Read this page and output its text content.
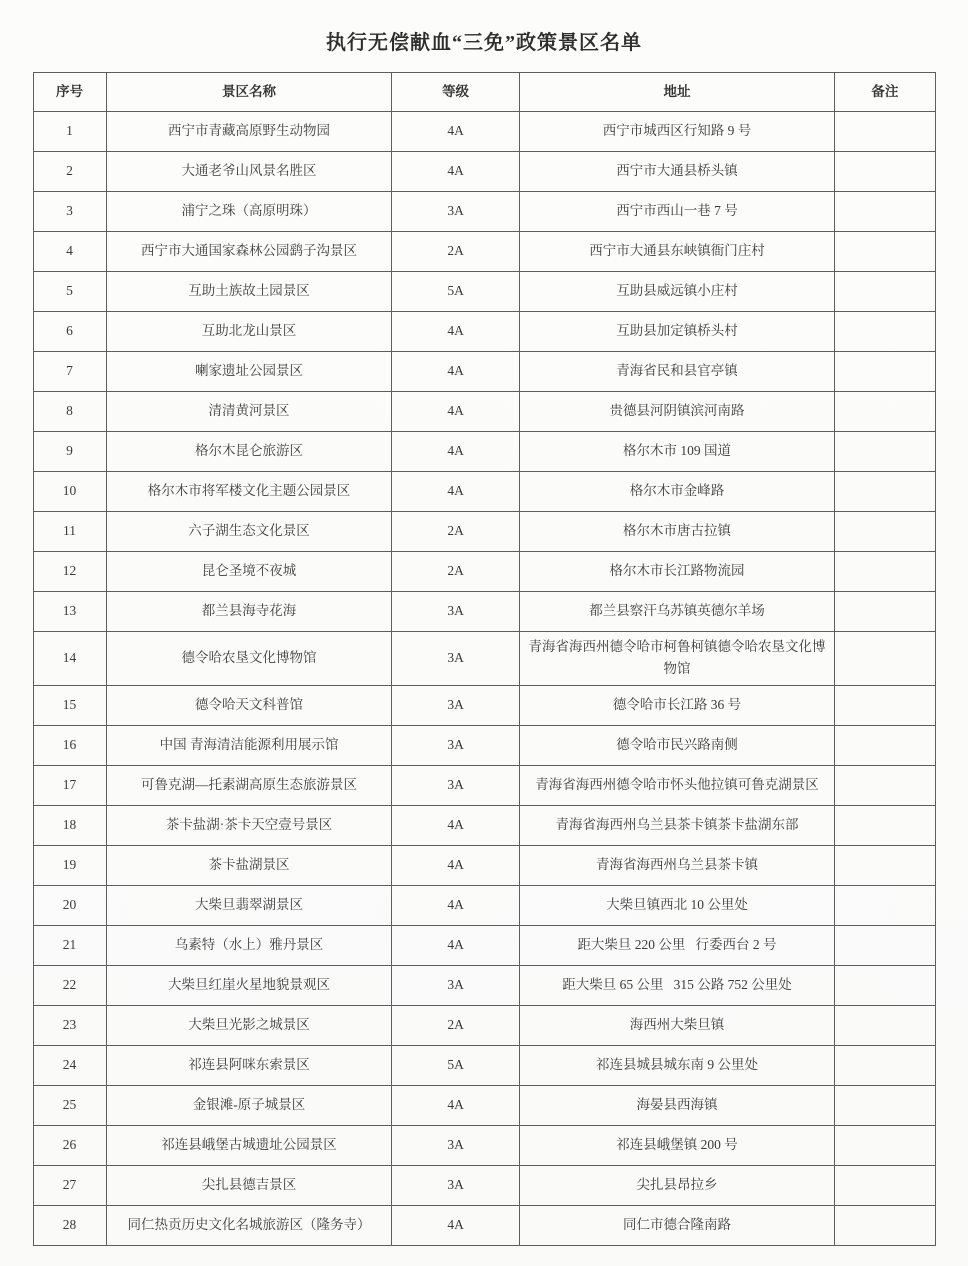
执行无偿献血“三免”政策景区名单
序号	景区名称	等级	地址	备注
1	西宁市青藏高原野生动物园	4A	西宁市城西区行知路 9 号	
2	大通老爷山风景名胜区	4A	西宁市大通县桥头镇	
3	浦宁之珠（高原明珠）	3A	西宁市西山一巷 7 号	
4	西宁市大通国家森林公园鹞子沟景区	2A	西宁市大通县东峡镇衙门庄村	
5	互助土族故土园景区	5A	互助县威远镇小庄村	
6	互助北龙山景区	4A	互助县加定镇桥头村	
7	喇家遗址公园景区	4A	青海省民和县官亭镇	
8	清清黄河景区	4A	贵德县河阴镇滨河南路	
9	格尔木昆仑旅游区	4A	格尔木市 109 国道	
10	格尔木市将军楼文化主题公园景区	4A	格尔木市金峰路	
11	六子湖生态文化景区	2A	格尔木市唐古拉镇	
12	昆仑圣境不夜城	2A	格尔木市长江路物流园	
13	都兰县海寺花海	3A	都兰县察汗乌苏镇英德尔羊场	
14	德令哈农垦文化博物馆	3A	青海省海西州德令哈市柯鲁柯镇德令哈农垦文化博物馆	
15	德令哈天文科普馆	3A	德令哈市长江路 36 号	
16	中国 青海清洁能源利用展示馆	3A	德令哈市民兴路南侧	
17	可鲁克湖—托素湖高原生态旅游景区	3A	青海省海西州德令哈市怀头他拉镇可鲁克湖景区	
18	茶卡盐湖·茶卡天空壹号景区	4A	青海省海西州乌兰县茶卡镇茶卡盐湖东部	
19	茶卡盐湖景区	4A	青海省海西州乌兰县茶卡镇	
20	大柴旦翡翠湖景区	4A	大柴旦镇西北 10 公里处	
21	乌素特（水上）雅丹景区	4A	距大柴旦 220 公里   行委西台 2 号	
22	大柴旦红崖火星地貌景观区	3A	距大柴旦 65 公里   315 公路 752 公里处	
23	大柴旦光影之城景区	2A	海西州大柴旦镇	
24	祁连县阿咪东索景区	5A	祁连县城县城东南 9 公里处	
25	金银滩-原子城景区	4A	海晏县西海镇	
26	祁连县峨堡古城遗址公园景区	3A	祁连县峨堡镇 200 号	
27	尖扎县德吉景区	3A	尖扎县昂拉乡	
28	同仁热贡历史文化名城旅游区（隆务寺）	4A	同仁市德合隆南路	
